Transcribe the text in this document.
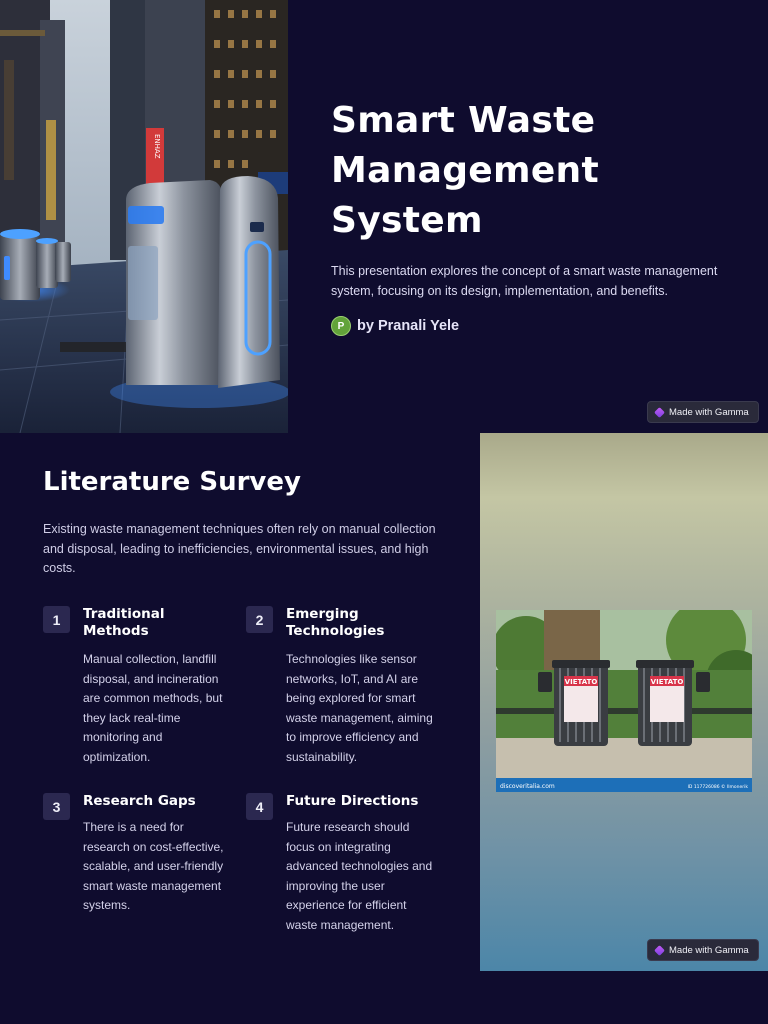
ENHAZ
Smart Waste
Management
System

This presentation explores the concept of a smart waste management system, focusing on its design, implementation, and benefits.

P by Pranali Yele
Made with Gamma
Literature Survey

Existing waste management techniques often rely on manual collection and disposal, leading to inefficiencies, environmental issues, and high costs.

1	Traditional Methods
Manual collection, landfill disposal, and incineration are common methods, but they lack real-time monitoring and optimization.
2	Emerging Technologies
Technologies like sensor networks, IoT, and AI are being explored for smart waste management, aiming to improve efficiency and sustainability.
3	Research Gaps
There is a need for research on cost-effective, scalable, and user-friendly smart waste management systems.
4	Future Directions
Future research should focus on integrating advanced technologies and improving the user experience for efficient waste management.
VIETATO	VIETATO
discoveritalia.com	ID 117726086 © Ilmonerik
Made with Gamma
